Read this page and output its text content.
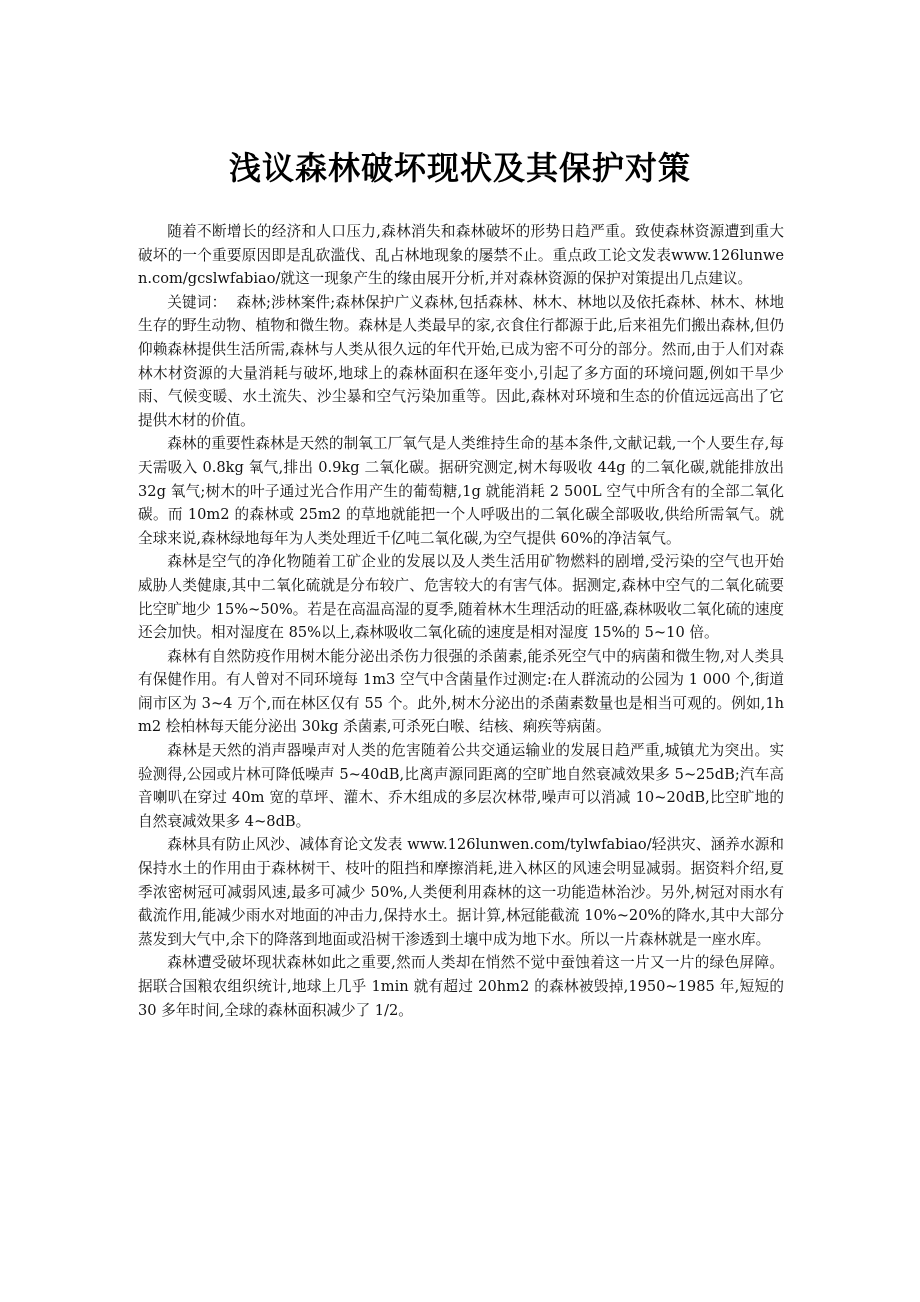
浅议森林破坏现状及其保护对策

随着不断增长的经济和人口压力,森林消失和森林破坏的形势日趋严重。致使森林资源遭到重大破坏的一个重要原因即是乱砍滥伐、乱占林地现象的屡禁不止。重点政工论文发表www.126lunwen.com/gcslwfabiao/就这一现象产生的缘由展开分析,并对森林资源的保护对策提出几点建议。

关键词： 森林;涉林案件;森林保护广义森林,包括森林、林木、林地以及依托森林、林木、林地生存的野生动物、植物和微生物。森林是人类最早的家,衣食住行都源于此,后来祖先们搬出森林,但仍仰赖森林提供生活所需,森林与人类从很久远的年代开始,已成为密不可分的部分。然而,由于人们对森林木材资源的大量消耗与破坏,地球上的森林面积在逐年变小,引起了多方面的环境问题,例如干旱少雨、气候变暖、水土流失、沙尘暴和空气污染加重等。因此,森林对环境和生态的价值远远高出了它提供木材的价值。

森林的重要性森林是天然的制氧工厂氧气是人类维持生命的基本条件,文献记载,一个人要生存,每天需吸入 0.8kg 氧气,排出 0.9kg 二氧化碳。据研究测定,树木每吸收 44g 的二氧化碳,就能排放出 32g 氧气;树木的叶子通过光合作用产生的葡萄糖,1g 就能消耗 2 500L 空气中所含有的全部二氧化碳。而 10m2 的森林或 25m2 的草地就能把一个人呼吸出的二氧化碳全部吸收,供给所需氧气。就全球来说,森林绿地每年为人类处理近千亿吨二氧化碳,为空气提供 60%的净洁氧气。

森林是空气的净化物随着工矿企业的发展以及人类生活用矿物燃料的剧增,受污染的空气也开始威胁人类健康,其中二氧化硫就是分布较广、危害较大的有害气体。据测定,森林中空气的二氧化硫要比空旷地少 15%~50%。若是在高温高湿的夏季,随着林木生理活动的旺盛,森林吸收二氧化硫的速度还会加快。相对湿度在 85%以上,森林吸收二氧化硫的速度是相对湿度 15%的 5~10 倍。

森林有自然防疫作用树木能分泌出杀伤力很强的杀菌素,能杀死空气中的病菌和微生物,对人类具有保健作用。有人曾对不同环境每 1m3 空气中含菌量作过测定:在人群流动的公园为 1 000 个,街道闹市区为 3~4 万个,而在林区仅有 55 个。此外,树木分泌出的杀菌素数量也是相当可观的。例如,1hm2 桧柏林每天能分泌出 30kg 杀菌素,可杀死白喉、结核、痢疾等病菌。

森林是天然的消声器噪声对人类的危害随着公共交通运输业的发展日趋严重,城镇尤为突出。实验测得,公园或片林可降低噪声 5~40dB,比离声源同距离的空旷地自然衰减效果多 5~25dB;汽车高音喇叭在穿过 40m 宽的草坪、灌木、乔木组成的多层次林带,噪声可以消减 10~20dB,比空旷地的自然衰减效果多 4~8dB。

森林具有防止风沙、减体育论文发表 www.126lunwen.com/tylwfabiao/轻洪灾、涵养水源和保持水土的作用由于森林树干、枝叶的阻挡和摩擦消耗,进入林区的风速会明显减弱。据资料介绍,夏季浓密树冠可减弱风速,最多可减少 50%,人类便利用森林的这一功能造林治沙。另外,树冠对雨水有截流作用,能减少雨水对地面的冲击力,保持水土。据计算,林冠能截流 10%~20%的降水,其中大部分蒸发到大气中,余下的降落到地面或沿树干渗透到土壤中成为地下水。所以一片森林就是一座水库。

森林遭受破坏现状森林如此之重要,然而人类却在悄然不觉中蚕蚀着这一片又一片的绿色屏障。据联合国粮农组织统计,地球上几乎 1min 就有超过 20hm2 的森林被毁掉,1950~1985 年,短短的 30 多年时间,全球的森林面积减少了 1/2。
